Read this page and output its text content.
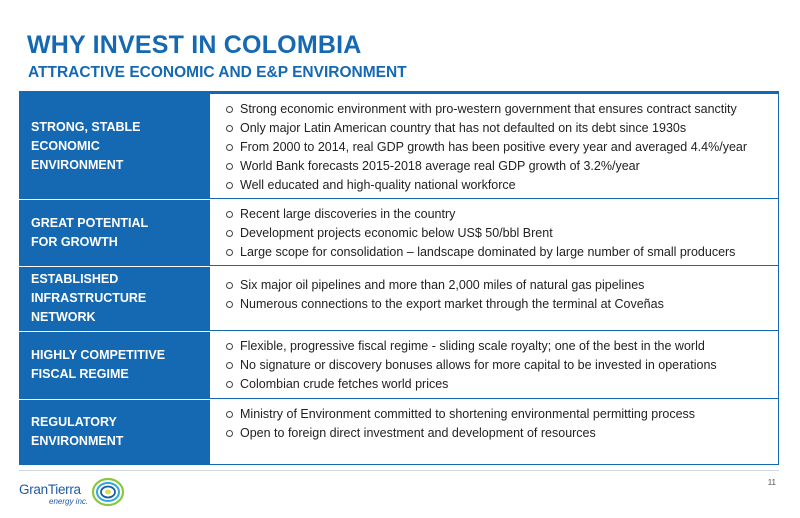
WHY INVEST IN COLOMBIA
ATTRACTIVE ECONOMIC AND E&P ENVIRONMENT
STRONG, STABLE
ECONOMIC
ENVIRONMENT
Strong economic environment with pro-western government that ensures contract sanctity
Only major Latin American country that has not defaulted on its debt since 1930s
From 2000 to 2014, real GDP growth has been positive every year and averaged 4.4%/year
World Bank forecasts 2015-2018 average real GDP growth of 3.2%/year
Well educated and high-quality national workforce
GREAT POTENTIAL
FOR GROWTH
Recent large discoveries in the country
Development projects economic below US$ 50/bbl Brent
Large scope for consolidation – landscape dominated by large number of small producers
ESTABLISHED
INFRASTRUCTURE
NETWORK
Six major oil pipelines and more than 2,000 miles of natural gas pipelines
Numerous connections to the export market through the terminal at Coveñas
HIGHLY COMPETITIVE
FISCAL REGIME
Flexible, progressive fiscal regime - sliding scale royalty; one of the best in the world
No signature or discovery bonuses allows for more capital to be invested in operations
Colombian crude fetches world prices
REGULATORY
ENVIRONMENT
Ministry of Environment committed to shortening environmental permitting process
Open to foreign direct investment and development of resources
11
GranTierra
energy inc.
